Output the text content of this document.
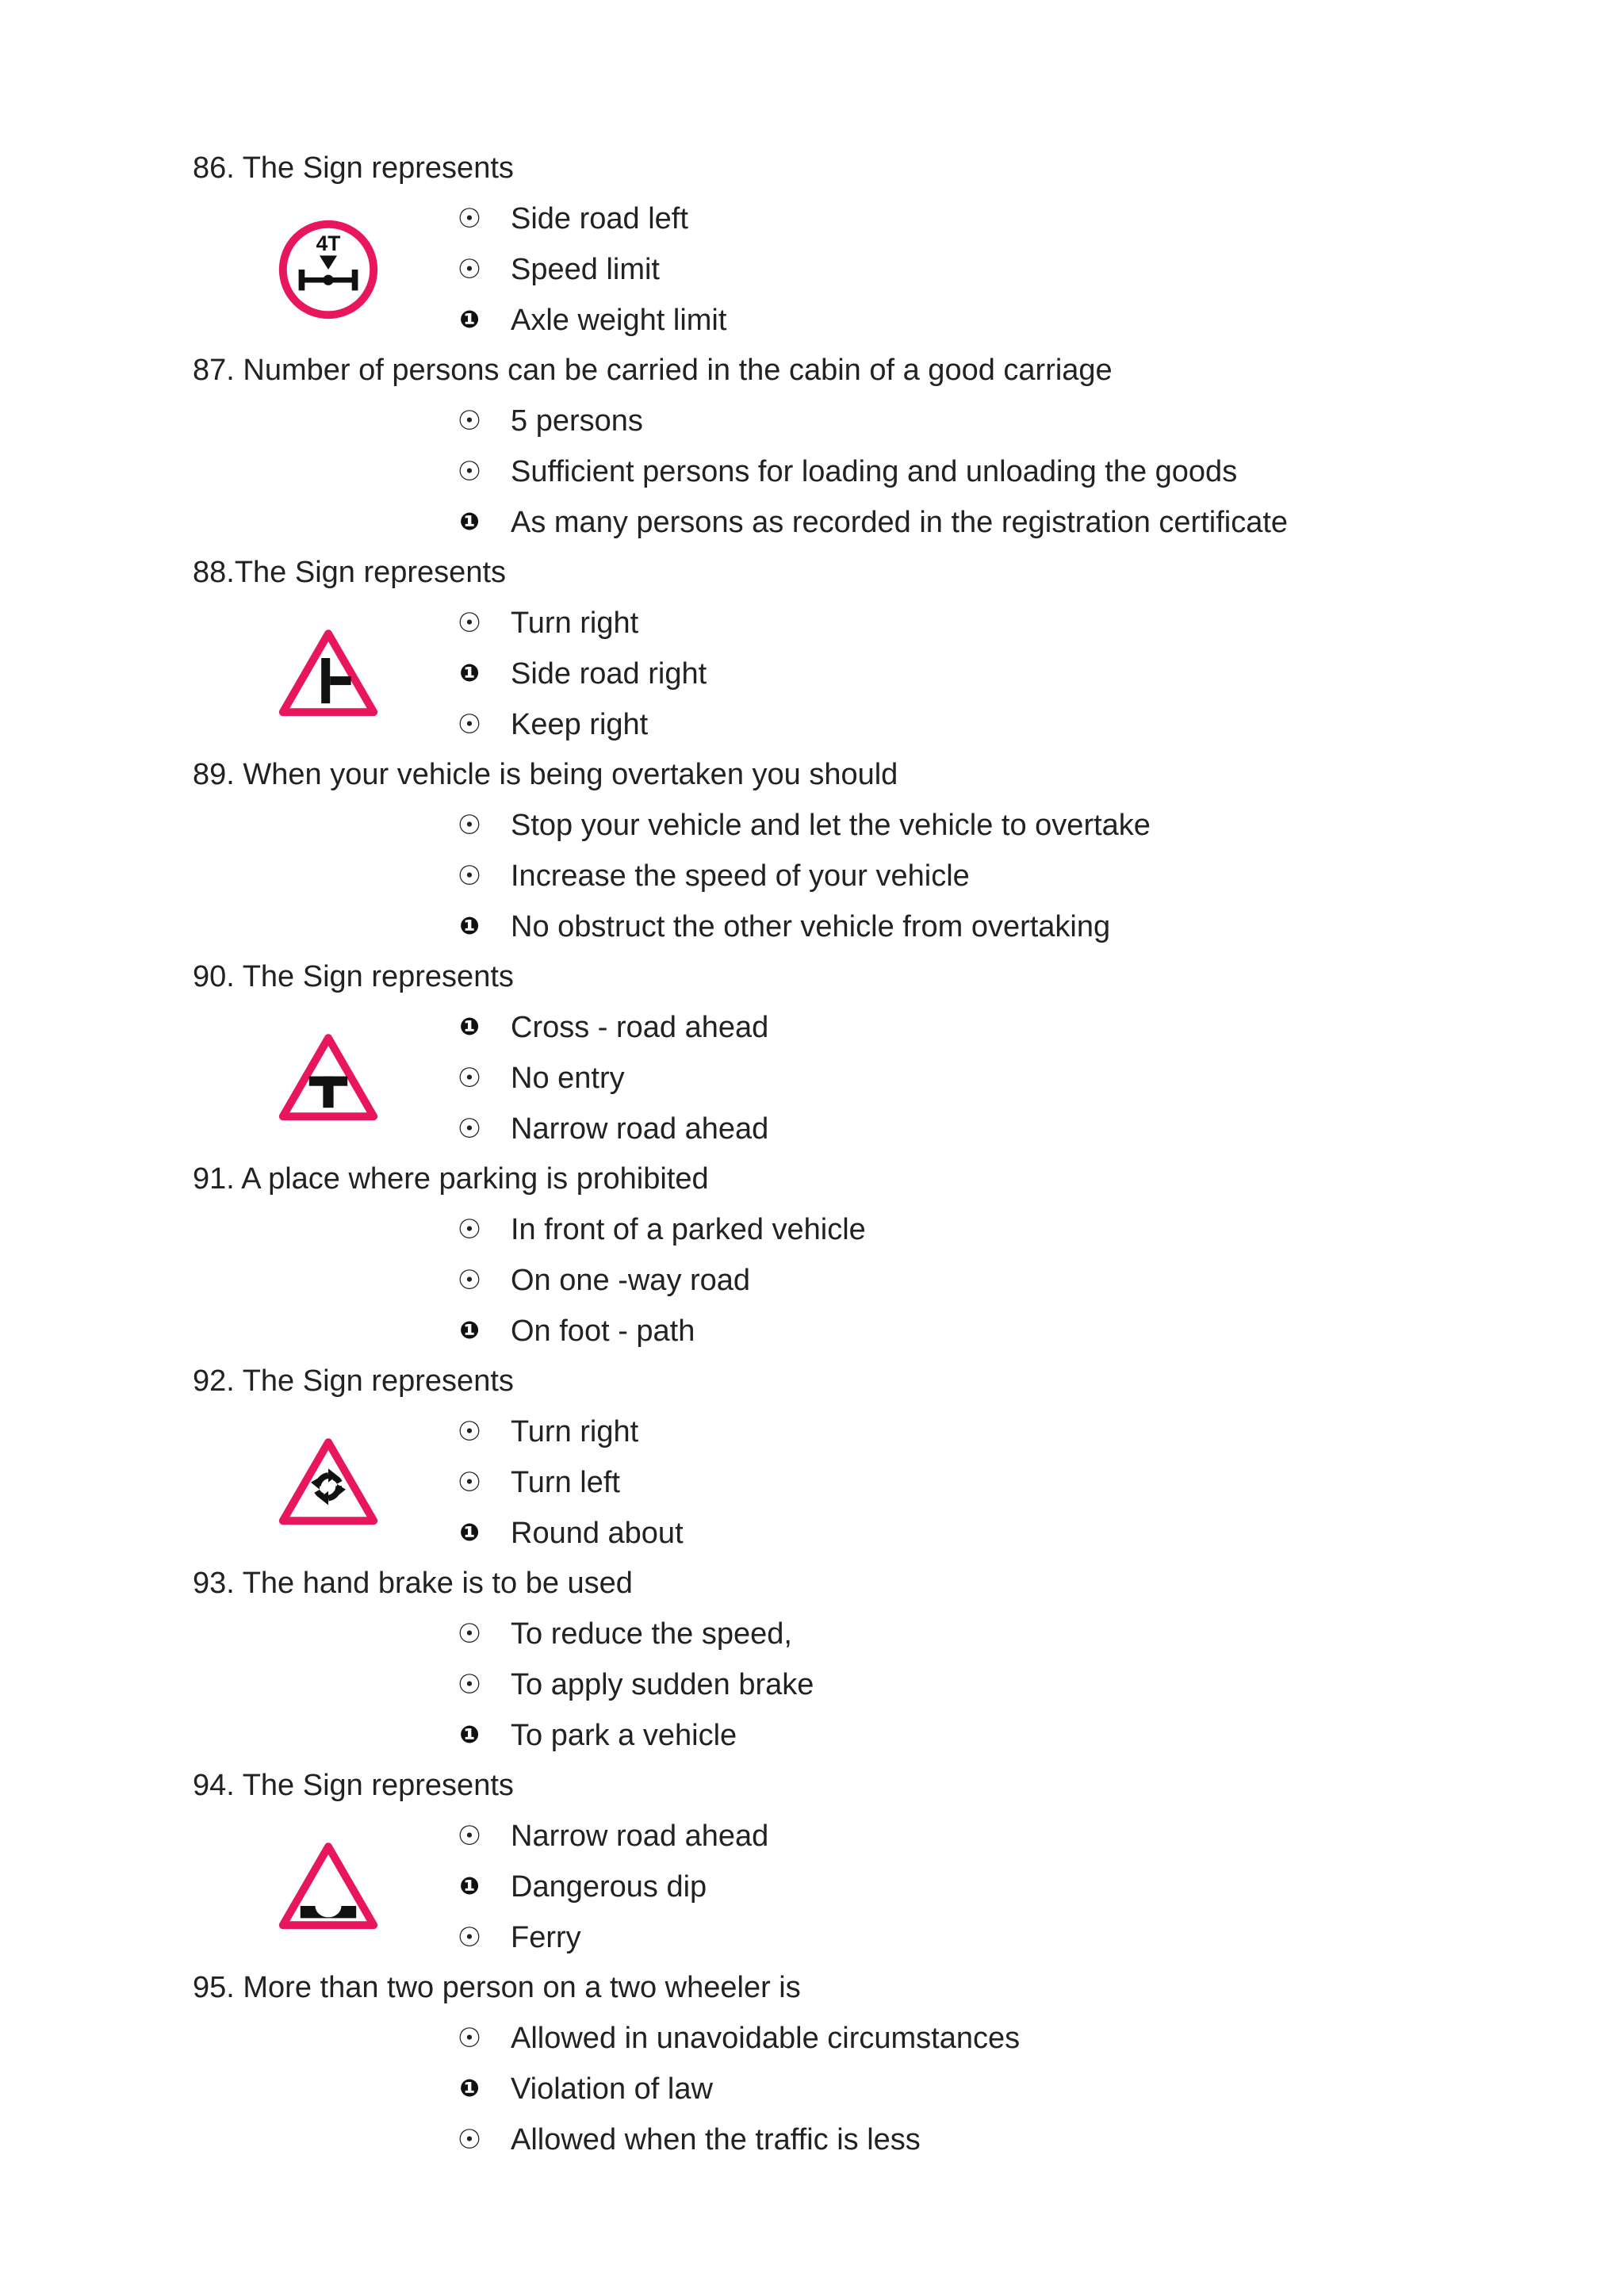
86. The Sign represents
☉ Side road left
☉ Speed limit
❶ Axle weight limit
4T
87. Number of persons can be carried in the cabin of a good carriage
☉ 5 persons
☉ Sufficient persons for loading and unloading the goods
❶ As many persons as recorded in the registration certificate
88.The Sign represents
☉ Turn right
❶ Side road right
☉ Keep right
89. When your vehicle is being overtaken you should
☉ Stop your vehicle and let the vehicle to overtake
☉ Increase the speed of your vehicle
❶ No obstruct the other vehicle from overtaking
90. The Sign represents
❶ Cross - road ahead
☉ No entry
☉ Narrow road ahead
91. A place where parking is prohibited
☉ In front of a parked vehicle
☉ On one -way road
❶ On foot - path
92. The Sign represents
☉ Turn right
☉ Turn left
❶ Round about
93. The hand brake is to be used
☉ To reduce the speed,
☉ To apply sudden brake
❶ To park a vehicle
94. The Sign represents
☉ Narrow road ahead
❶ Dangerous dip
☉ Ferry
95. More than two person on a two wheeler is
☉ Allowed in unavoidable circumstances
❶ Violation of law
☉ Allowed when the traffic is less
